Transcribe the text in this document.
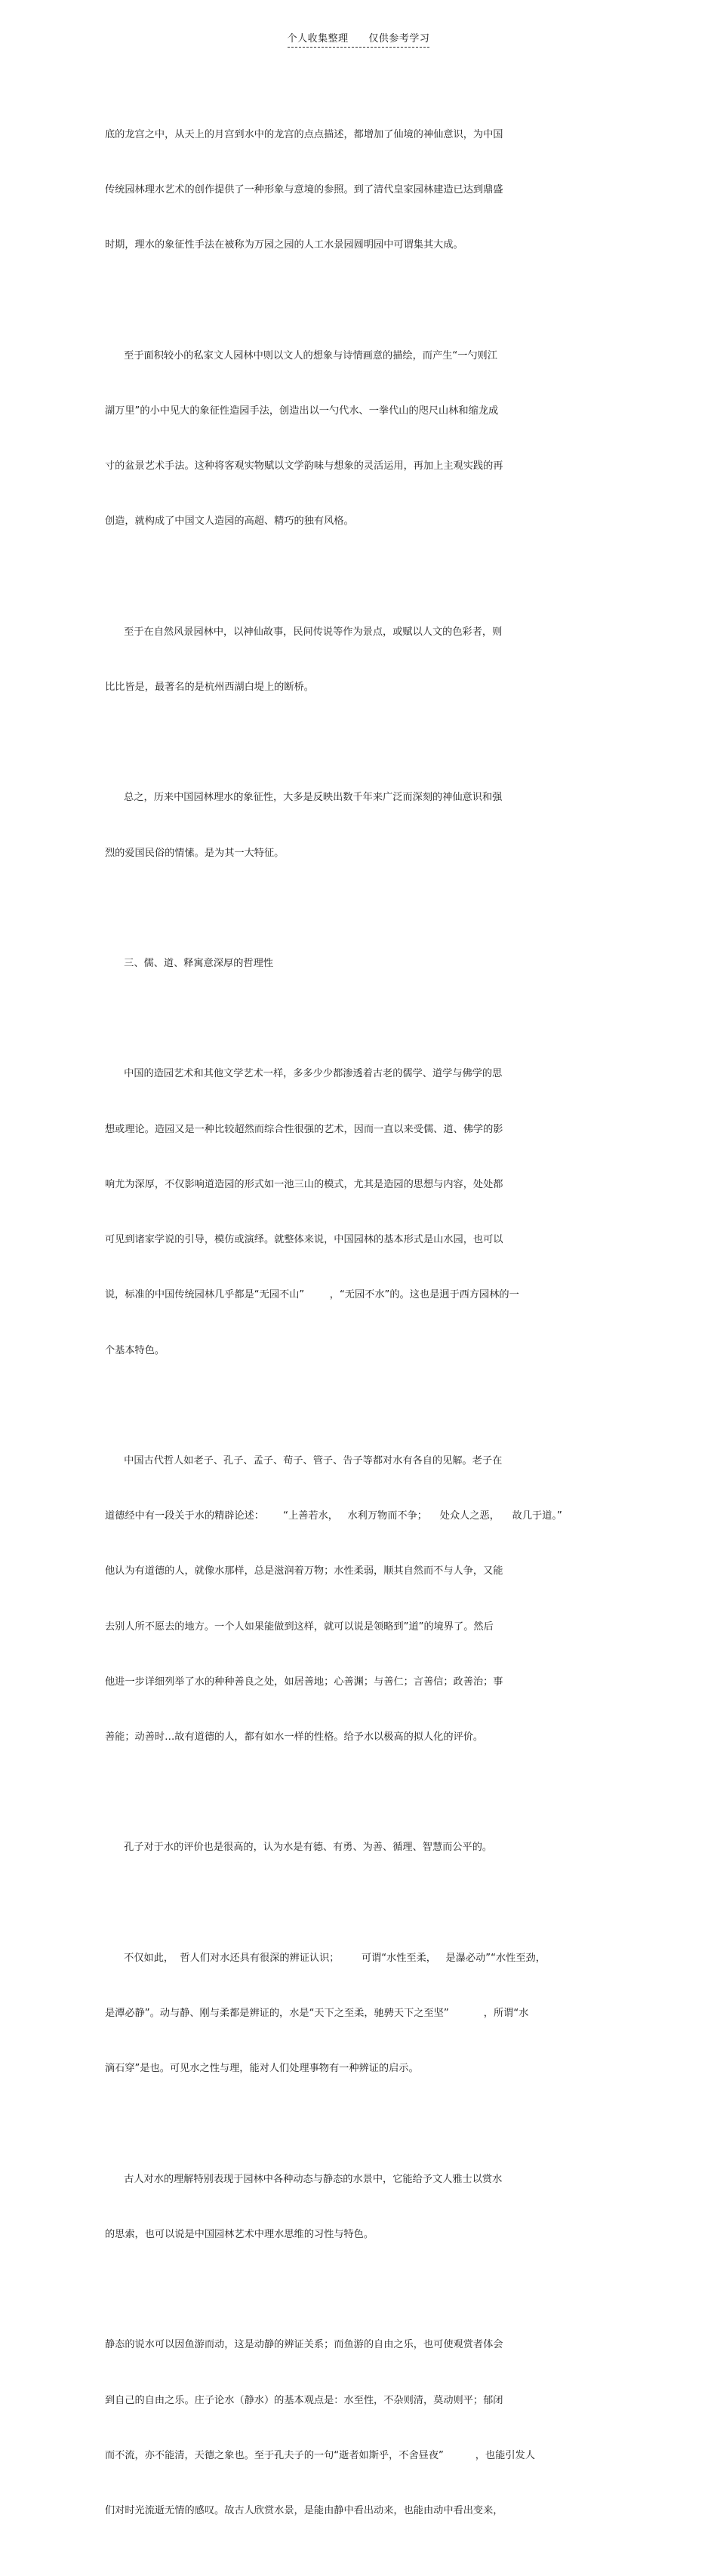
个人收集整理 仅供参考学习

底的龙宫之中，从天上的月宫到水中的龙宫的点点描述，都增加了仙境的神仙意识，为中国

传统园林理水艺术的创作提供了一种形象与意境的参照。到了清代皇家园林建造已达到鼎盛

时期，理水的象征性手法在被称为万园之园的人工水景园圆明园中可谓集其大成。

至于面积较小的私家文人园林中则以文人的想象与诗情画意的描绘，而产生“一勺则江

湖万里”的小中见大的象征性造园手法，创造出以一勺代水、一拳代山的咫尺山林和缩龙成

寸的盆景艺术手法。这种将客观实物赋以文学韵味与想象的灵活运用，再加上主观实践的再

创造，就构成了中国文人造园的高超、精巧的独有风格。

至于在自然风景园林中，以神仙故事，民间传说等作为景点，或赋以人文的色彩者，则

比比皆是，最著名的是杭州西湖白堤上的断桥。

总之，历来中国园林理水的象征性，大多是反映出数千年来广泛而深刻的神仙意识和强

烈的爱国民俗的情愫。是为其一大特征。

三、儒、道、释寓意深厚的哲理性

中国的造园艺术和其他文学艺术一样，多多少少都渗透着古老的儒学、道学与佛学的思

想或理论。造园又是一种比较超然而综合性很强的艺术，因而一直以来受儒、道、佛学的影

响尤为深厚，不仅影响道造园的形式如一池三山的模式，尤其是造园的思想与内容，处处都

可见到诸家学说的引导，模仿或演绎。就整体来说，中国园林的基本形式是山水园，也可以

说，标准的中国传统园林几乎都是“无园不山”        ，“无园不水”的。这也是迥于西方园林的一

个基本特色。

中国古代哲人如老子、孔子、孟子、荀子、管子、告子等都对水有各自的见解。老子在

道德经中有一段关于水的精辟论述：      “上善若水，   水利万物而不争；    处众人之恶，    故几于道。”

他认为有道德的人，就像水那样，总是滋润着万物；水性柔弱，顺其自然而不与人争，又能

去别人所不愿去的地方。一个人如果能做到这样，就可以说是领略到”道”的境界了。然后

他进一步详细列举了水的种种善良之处，如居善地；心善渊；与善仁；言善信；政善治；事

善能；动善时…故有道德的人，都有如水一样的性格。给予水以极高的拟人化的评价。

孔子对于水的评价也是很高的，认为水是有德、有勇、为善、循理、智慧而公平的。

不仅如此，  哲人们对水还具有很深的辨证认识；       可谓“水性至柔，   是瀑必动”“水性至劲，

是潭必静”。动与静、刚与柔都是辨证的，水是“天下之至柔，驰骋天下之至坚”           ，所谓“水

滴石穿”是也。可见水之性与理，能对人们处理事物有一种辨证的启示。

古人对水的理解特别表现于园林中各种动态与静态的水景中，它能给予文人雅士以赏水

的思索，也可以说是中国园林艺术中理水思维的习性与特色。

静态的说水可以因鱼游而动，这是动静的辨证关系；而鱼游的自由之乐，也可使观赏者体会

到自己的自由之乐。庄子论水（静水）的基本观点是：水至性，不杂则清，莫动则平；郁闭

而不流，亦不能清，天德之象也。至于孔夫子的一句“逝者如斯乎，不舍昼夜”          ，也能引发人

们对时光流逝无情的感叹。故古人欣赏水景，是能由静中看出动来，也能由动中看出变来，
